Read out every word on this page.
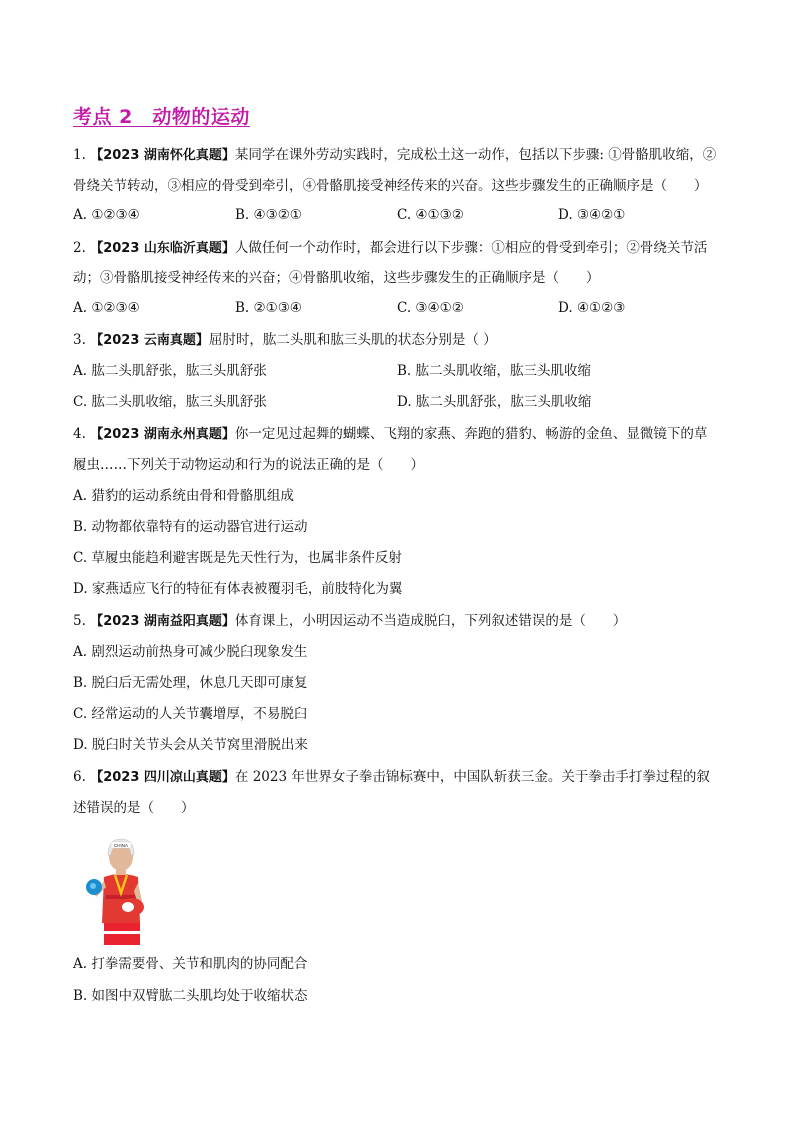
考点 2　动物的运动
1. 【2023 湖南怀化真题】某同学在课外劳动实践时，完成松土这一动作，包括以下步骤: ①骨骼肌收缩，②
骨绕关节转动，③相应的骨受到牵引，④骨骼肌接受神经传来的兴奋。这些步骤发生的正确顺序是（　　）
A. ①②③④	B. ④③②①	C. ④①③②	D. ③④②①
2. 【2023 山东临沂真题】人做任何一个动作时，都会进行以下步骤：①相应的骨受到牵引；②骨绕关节活
动；③骨骼肌接受神经传来的兴奋；④骨骼肌收缩，这些步骤发生的正确顺序是（　　）
A. ①②③④	B. ②①③④	C. ③④①②	D. ④①②③
3. 【2023 云南真题】屈肘时，肱二头肌和肱三头肌的状态分别是（ ）
A. 肱二头肌舒张，肱三头肌舒张	B. 肱二头肌收缩，肱三头肌收缩
C. 肱二头肌收缩，肱三头肌舒张	D. 肱二头肌舒张，肱三头肌收缩
4. 【2023 湖南永州真题】你一定见过起舞的蝴蝶、飞翔的家燕、奔跑的猎豹、畅游的金鱼、显微镜下的草
履虫……下列关于动物运动和行为的说法正确的是（　　）
A. 猎豹的运动系统由骨和骨骼肌组成
B. 动物都依靠特有的运动器官进行运动
C. 草履虫能趋利避害既是先天性行为，也属非条件反射
D. 家燕适应飞行的特征有体表被覆羽毛，前肢特化为翼
5. 【2023 湖南益阳真题】体育课上，小明因运动不当造成脱臼，下列叙述错误的是（　　）
A. 剧烈运动前热身可减少脱臼现象发生
B. 脱臼后无需处理，休息几天即可康复
C. 经常运动的人关节囊增厚，不易脱臼
D. 脱臼时关节头会从关节窝里滑脱出来
6. 【2023 四川凉山真题】在 2023 年世界女子拳击锦标赛中，中国队斩获三金。关于拳击手打拳过程的叙
述错误的是（　　）
CHINA
A. 打拳需要骨、关节和肌肉的协同配合
B. 如图中双臂肱二头肌均处于收缩状态
